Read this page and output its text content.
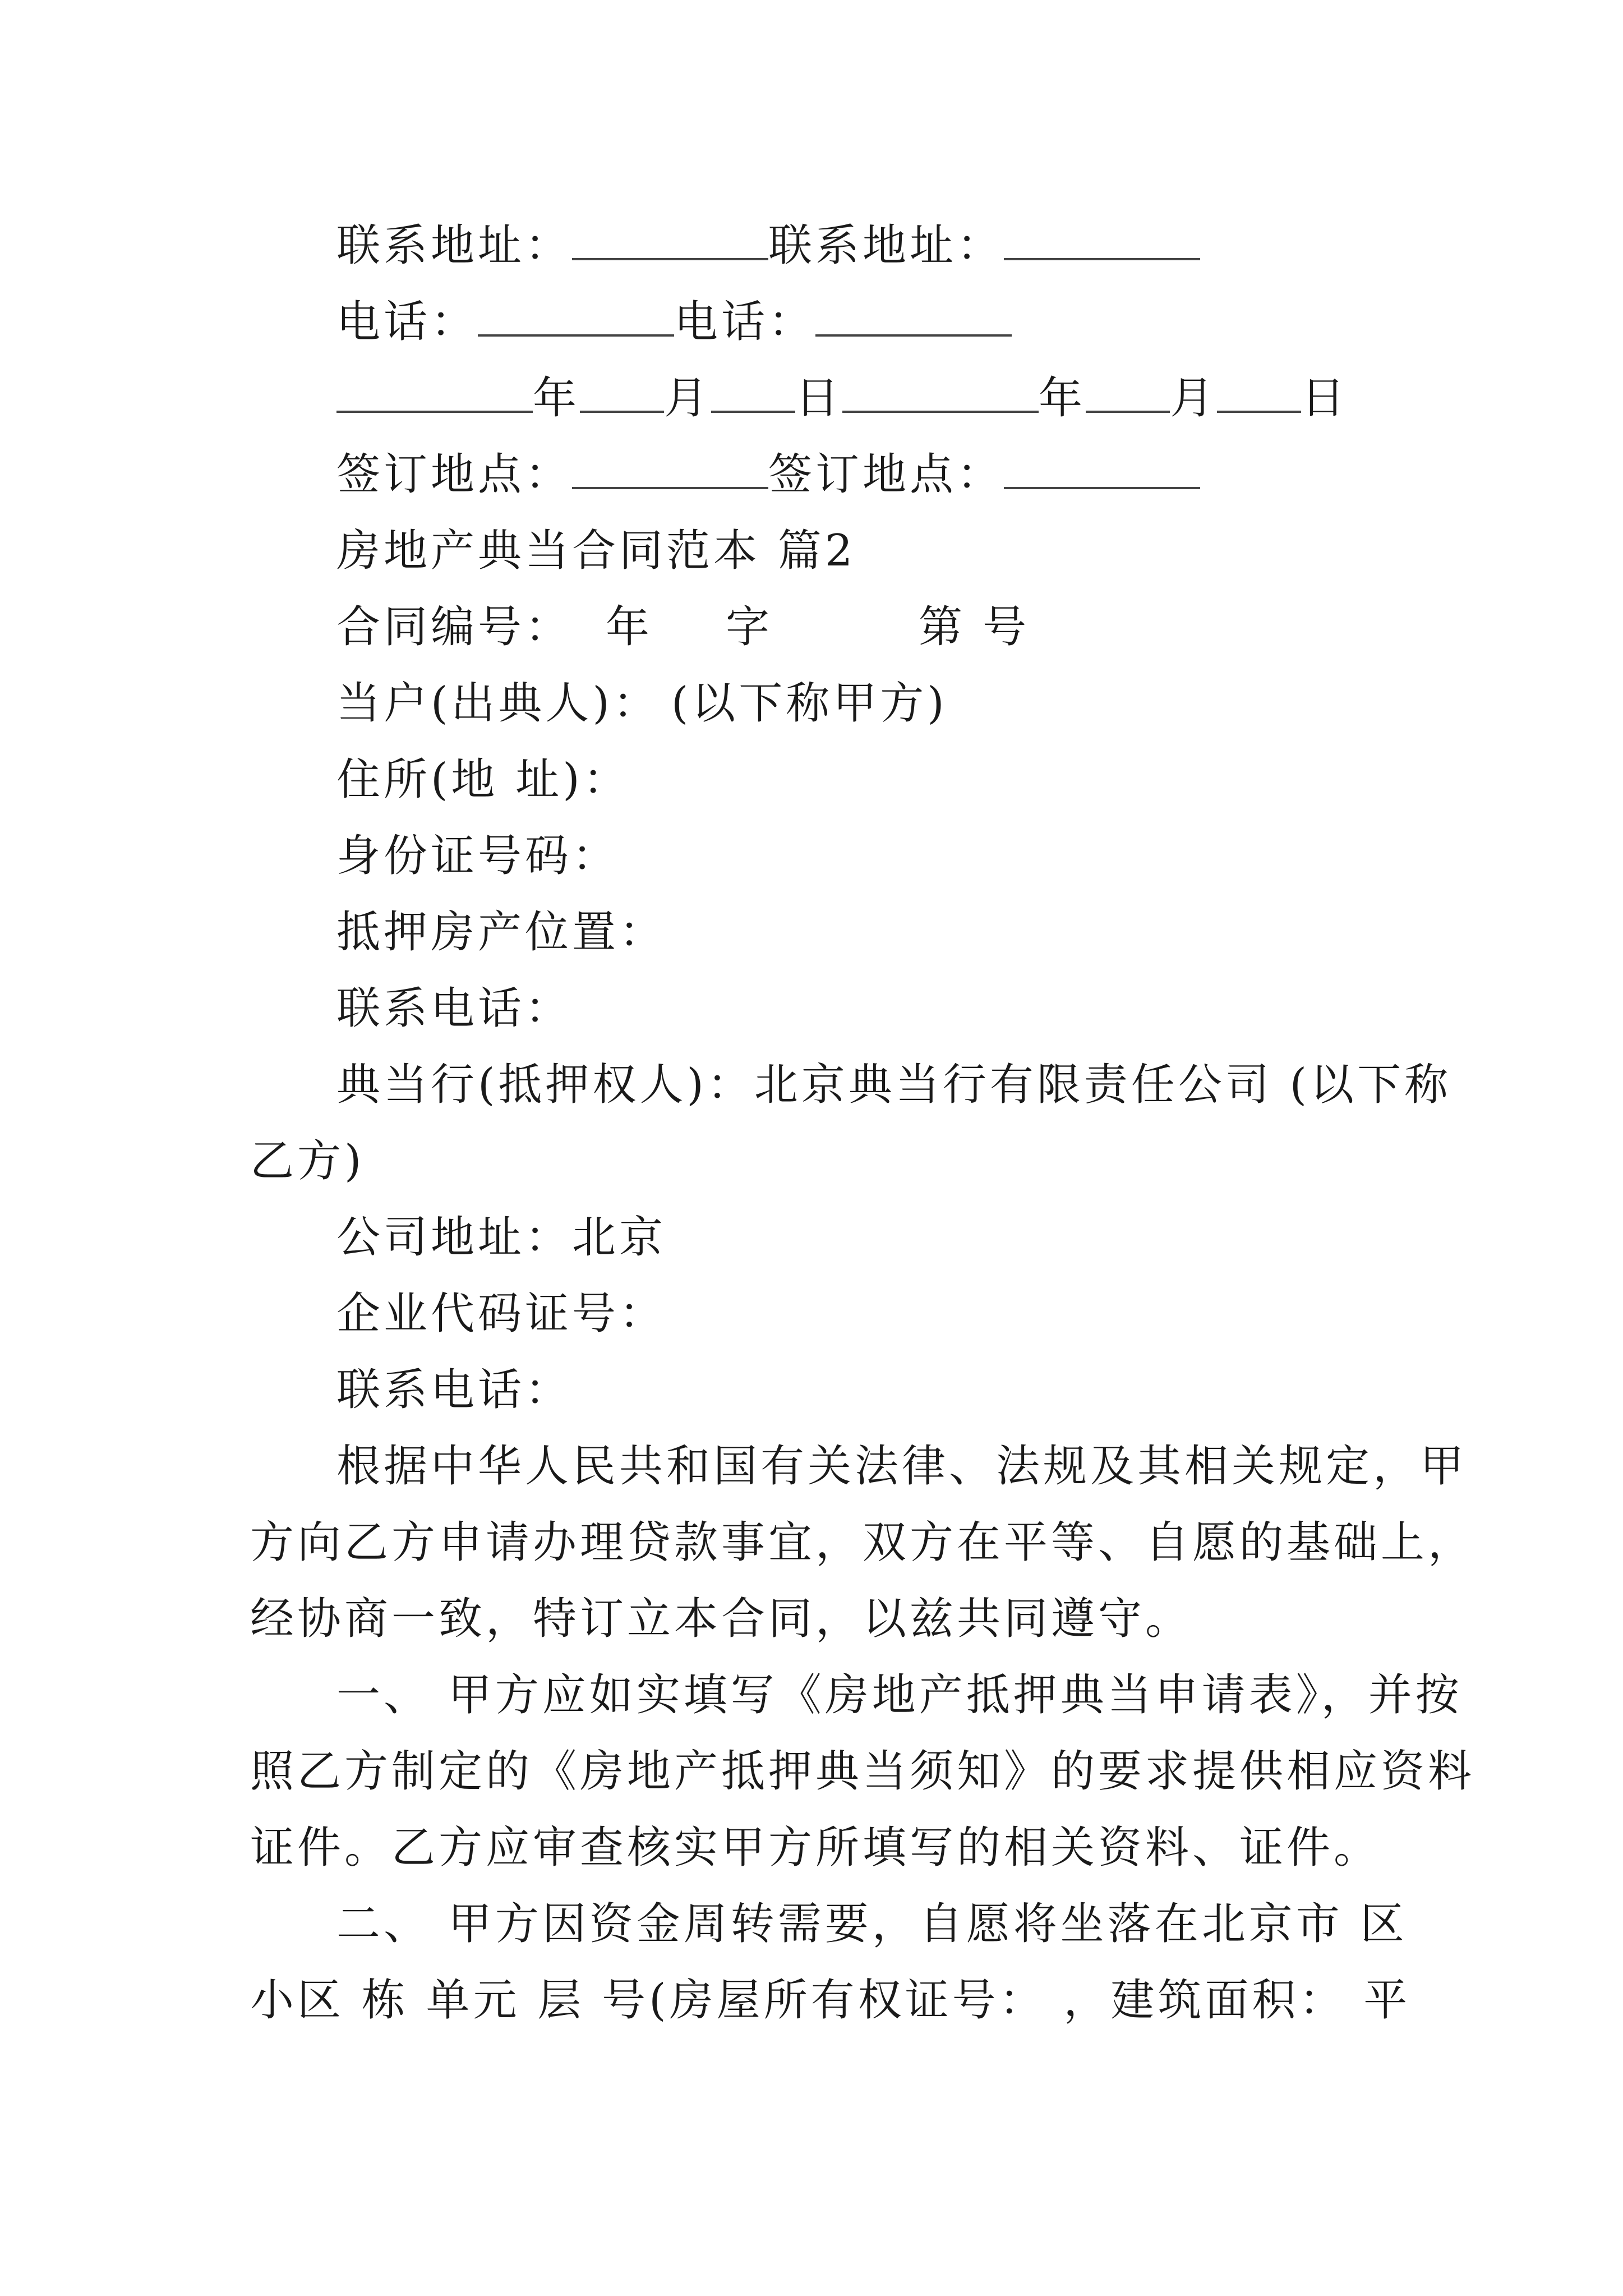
联系地址：	联系地址：
电话：	电话：
年 月 日	年 月 日
签订地点：	签订地点：
房地产典当合同范本 篇2
合同编号： 年 字	第 号
当户(出典人)： (以下称甲方)
住所(地 址)：
身份证号码：
抵押房产位置：
联系电话：
典当行(抵押权人)：北京典当行有限责任公司 (以下称
乙方)
公司地址：北京
企业代码证号：
联系电话：
根据中华人民共和国有关法律、法规及其相关规定，甲
方向乙方申请办理贷款事宜，双方在平等、自愿的基础上，
经协商一致，特订立本合同，以兹共同遵守。
一、 甲方应如实填写《房地产抵押典当申请表》，并按
照乙方制定的《房地产抵押典当须知》的要求提供相应资料
证件。乙方应审查核实甲方所填写的相关资料、证件。
二、 甲方因资金周转需要，自愿将坐落在北京市 区
小区 栋 单元 层 号(房屋所有权证号： ，建筑面积： 平
